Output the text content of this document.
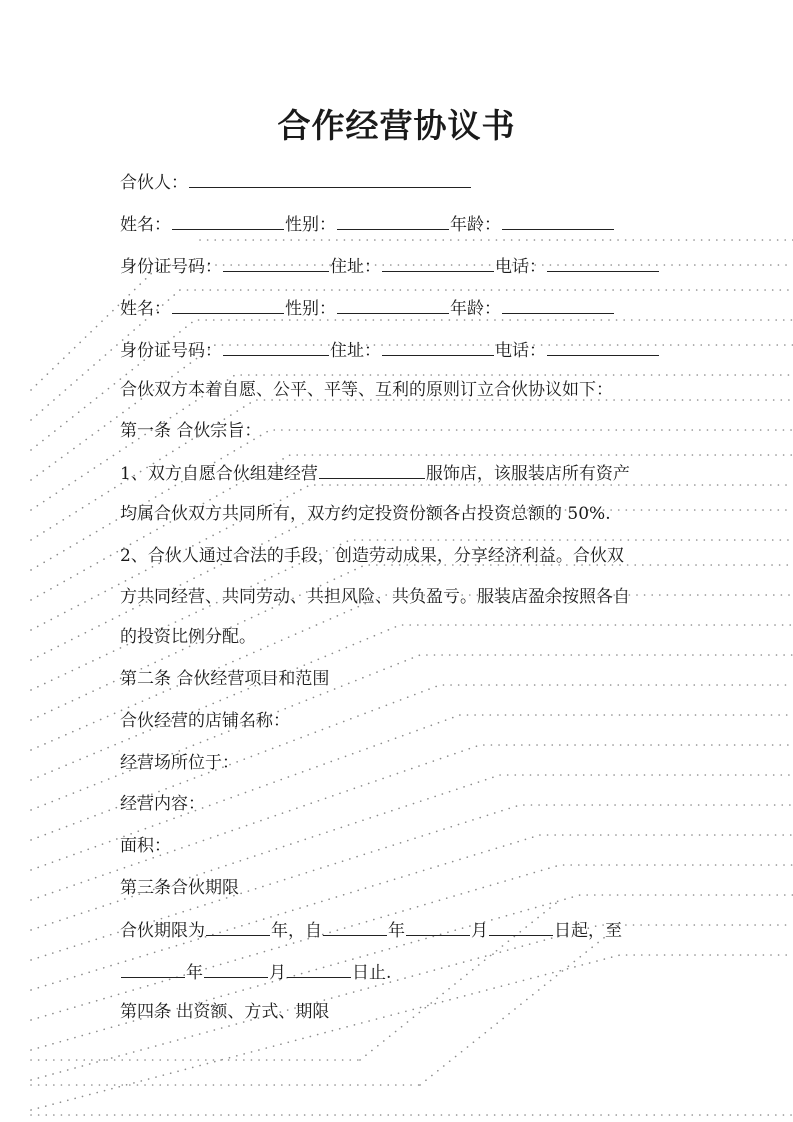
合作经营协议书
合伙人：
姓名：	性别：	年龄：
身份证号码：	住址：	电话：
姓名：	性别：	年龄：
身份证号码：	住址：	电话：
合伙双方本着自愿、公平、平等、互利的原则订立合伙协议如下：
第一条 合伙宗旨：
1、双方自愿合伙组建经营	服饰店，该服装店所有资产
均属合伙双方共同所有，双方约定投资份额各占投资总额的 50%.
2、合伙人通过合法的手段，创造劳动成果，分享经济利益。合伙双
方共同经营、共同劳动、共担风险、共负盈亏。服装店盈余按照各自
的投资比例分配。
第二条 合伙经营项目和范围
合伙经营的店铺名称：
经营场所位于：
经营内容：
面积：
第三条合伙期限
合伙期限为	年，自	年	月	日起，至
年	月	日止.
第四条 出资额、方式、期限
